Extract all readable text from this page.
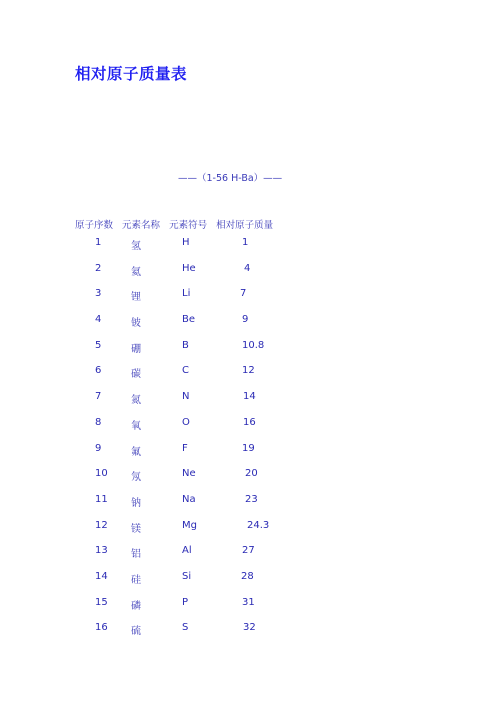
相对原子质量表

——（1-56 H-Ba）——

原子序数 元素名称 元素符号 相对原子质量
1	氢	H	1
2	氦	He	4
3	锂	Li	7
4	铍	Be	9
5	硼	B	10.8
6	碳	C	12
7	氮	N	14
8	氧	O	16
9	氟	F	19
10 氖	Ne	20
11 钠	Na	23
12 镁	Mg	24.3
13 铝	Al	27
14 硅	Si	28
15 磷	P	31
16 硫	S	32
